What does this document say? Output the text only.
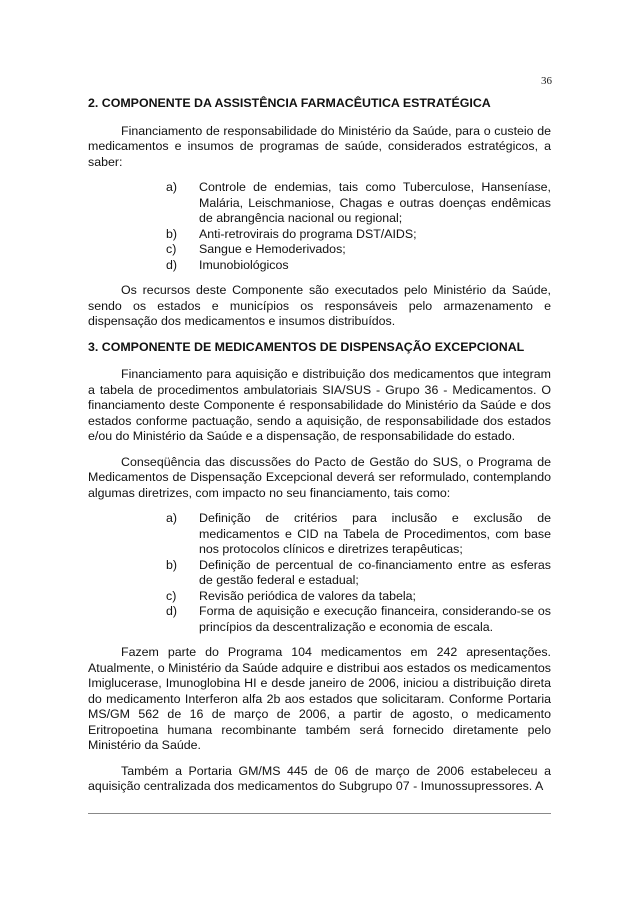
36

2. COMPONENTE DA ASSISTÊNCIA FARMACÊUTICA ESTRATÉGICA

Financiamento de responsabilidade do Ministério da Saúde, para o custeio de medicamentos e insumos de programas de saúde, considerados estratégicos, a saber:

a) Controle de endemias, tais como Tuberculose, Hanseníase, Malária, Leischmaniose, Chagas e outras doenças endêmicas de abrangência nacional ou regional;
b) Anti-retrovirais do programa DST/AIDS;
c) Sangue e Hemoderivados;
d) Imunobiológicos

Os recursos deste Componente são executados pelo Ministério da Saúde, sendo os estados e municípios os responsáveis pelo armazenamento e dispensação dos medicamentos e insumos distribuídos.

3. COMPONENTE DE MEDICAMENTOS DE DISPENSAÇÃO EXCEPCIONAL

Financiamento para aquisição e distribuição dos medicamentos que integram a tabela de procedimentos ambulatoriais SIA/SUS - Grupo 36 - Medicamentos. O financiamento deste Componente é responsabilidade do Ministério da Saúde e dos estados conforme pactuação, sendo a aquisição, de responsabilidade dos estados e/ou do Ministério da Saúde e a dispensação, de responsabilidade do estado.

Conseqüência das discussões do Pacto de Gestão do SUS, o Programa de Medicamentos de Dispensação Excepcional deverá ser reformulado, contemplando algumas diretrizes, com impacto no seu financiamento, tais como:

a) Definição de critérios para inclusão e exclusão de medicamentos e CID na Tabela de Procedimentos, com base nos protocolos clínicos e diretrizes terapêuticas;
b) Definição de percentual de co-financiamento entre as esferas de gestão federal e estadual;
c) Revisão periódica de valores da tabela;
d) Forma de aquisição e execução financeira, considerando-se os princípios da descentralização e economia de escala.

Fazem parte do Programa 104 medicamentos em 242 apresentações. Atualmente, o Ministério da Saúde adquire e distribui aos estados os medicamentos Imiglucerase, Imunoglobina HI e desde janeiro de 2006, iniciou a distribuição direta do medicamento Interferon alfa 2b aos estados que solicitaram. Conforme Portaria MS/GM 562 de 16 de março de 2006, a partir de agosto, o medicamento Eritropoetina humana recombinante também será fornecido diretamente pelo Ministério da Saúde.

Também a Portaria GM/MS 445 de 06 de março de 2006 estabeleceu a aquisição centralizada dos medicamentos do Subgrupo 07 - Imunossupressores. A
